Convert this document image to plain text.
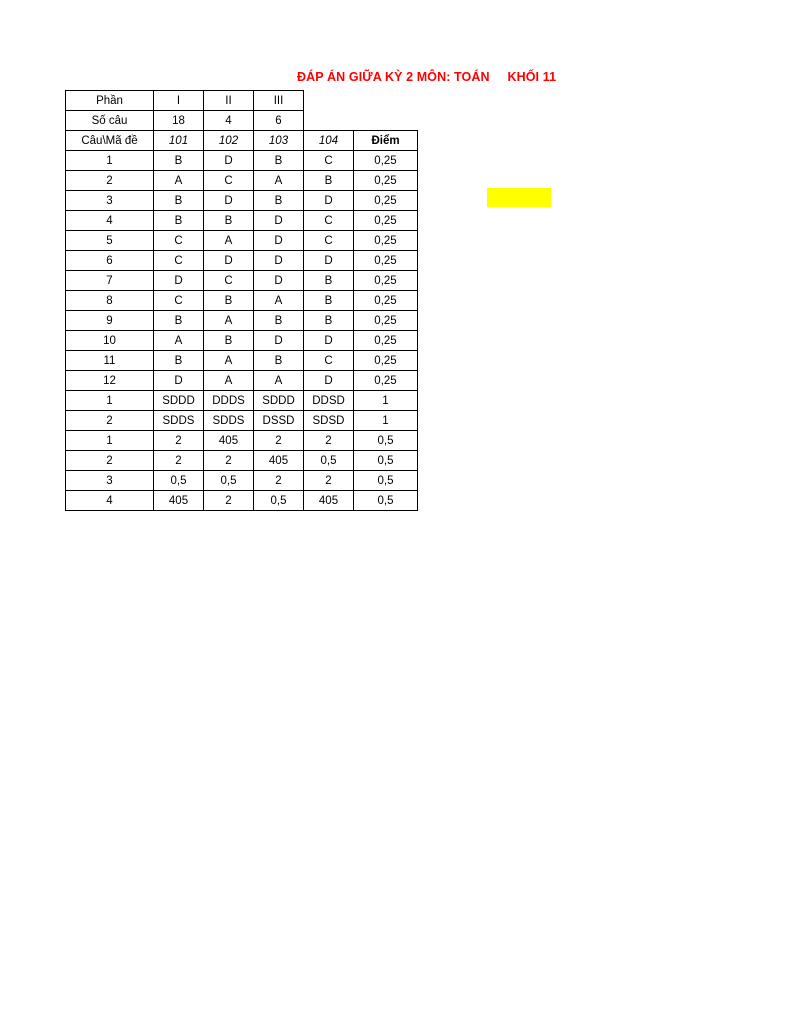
ĐÁP ÁN GIỮA KỲ 2 MÔN: TOÁN     KHỐI 11
Phần	I	II	III		
Số câu	18	4	6		
Câu\Mã đề	101	102	103	104	Điểm
1	B	D	B	C	0,25
2	A	C	A	B	0,25
3	B	D	B	D	0,25
4	B	B	D	C	0,25
5	C	A	D	C	0,25
6	C	D	D	D	0,25
7	D	C	D	B	0,25
8	C	B	A	B	0,25
9	B	A	B	B	0,25
10	A	B	D	D	0,25
11	B	A	B	C	0,25
12	D	A	A	D	0,25
1	SDDD	DDDS	SDDD	DDSD	1
2	SDDS	SDDS	DSSD	SDSD	1
1	2	405	2	2	0,5
2	2	2	405	0,5	0,5
3	0,5	0,5	2	2	0,5
4	405	2	0,5	405	0,5
